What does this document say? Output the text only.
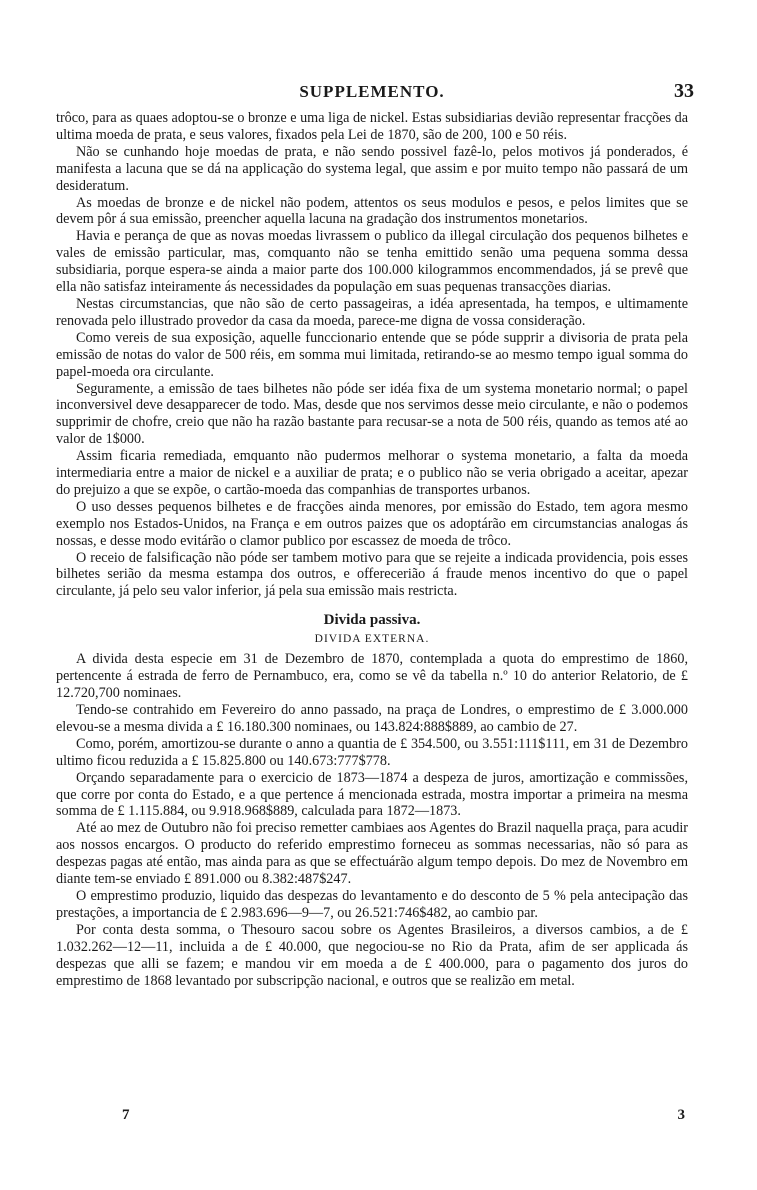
SUPPLEMENTO.	33

trôco, para as quaes adoptou-se o bronze e uma liga de nickel. Estas subsidiarias devião representar fracções da ultima moeda de prata, e seus valores, fixados pela Lei de 1870, são de 200, 100 e 50 réis.

Não se cunhando hoje moedas de prata, e não sendo possivel fazê-lo, pelos motivos já ponderados, é manifesta a lacuna que se dá na applicação do systema legal, que assim e por muito tempo não passará de um desideratum.

As moedas de bronze e de nickel não podem, attentos os seus modulos e pesos, e pelos limites que se devem pôr á sua emissão, preencher aquella lacuna na gradação dos instrumentos monetarios.

Havia e perança de que as novas moedas livrassem o publico da illegal circulação dos pequenos bilhetes e vales de emissão particular, mas, comquanto não se tenha emittido senão uma pequena somma dessa subsidiaria, porque espera-se ainda a maior parte dos 100.000 kilogrammos encommendados, já se prevê que ella não satisfaz inteiramente ás necessidades da população em suas pequenas transacções diarias.

Nestas circumstancias, que não são de certo passageiras, a idéa apresentada, ha tempos, e ultimamente renovada pelo illustrado provedor da casa da moeda, parece-me digna de vossa consideração.

Como vereis de sua exposição, aquelle funccionario entende que se póde supprir a divisoria de prata pela emissão de notas do valor de 500 réis, em somma mui limitada, retirando-se ao mesmo tempo igual somma do papel-moeda ora circulante.

Seguramente, a emissão de taes bilhetes não póde ser idéa fixa de um systema monetario normal; o papel inconversivel deve desapparecer de todo. Mas, desde que nos servimos desse meio circulante, e não o podemos supprimir de chofre, creio que não ha razão bastante para recusar-se a nota de 500 réis, quando as temos até ao valor de 1$000.

Assim ficaria remediada, emquanto não pudermos melhorar o systema monetario, a falta da moeda intermediaria entre a maior de nickel e a auxiliar de prata; e o publico não se veria obrigado a aceitar, apezar do prejuizo a que se expõe, o cartão-moeda das companhias de transportes urbanos.

O uso desses pequenos bilhetes e de fracções ainda menores, por emissão do Estado, tem agora mesmo exemplo nos Estados-Unidos, na França e em outros paizes que os adoptárão em circumstancias analogas ás nossas, e desse modo evitárão o clamor publico por escassez de moeda de trôco.

O receio de falsificação não póde ser tambem motivo para que se rejeite a indicada providencia, pois esses bilhetes serião da mesma estampa dos outros, e offerecerião á fraude menos incentivo do que o papel circulante, já pelo seu valor inferior, já pela sua emissão mais restricta.

Divida passiva.
DIVIDA EXTERNA.

A divida desta especie em 31 de Dezembro de 1870, contemplada a quota do emprestimo de 1860, pertencente á estrada de ferro de Pernambuco, era, como se vê da tabella n.º 10 do anterior Relatorio, de £ 12.720,700 nominaes.

Tendo-se contrahido em Fevereiro do anno passado, na praça de Londres, o emprestimo de £ 3.000.000 elevou-se a mesma divida a £ 16.180.300 nominaes, ou 143.824:888$889, ao cambio de 27.

Como, porém, amortizou-se durante o anno a quantia de £ 354.500, ou 3.551:111$111, em 31 de Dezembro ultimo ficou reduzida a £ 15.825.800 ou 140.673:777$778.

Orçando separadamente para o exercicio de 1873—1874 a despeza de juros, amortização e commissões, que corre por conta do Estado, e a que pertence á mencionada estrada, mostra importar a primeira na mesma somma de £ 1.115.884, ou 9.918.968$889, calculada para 1872—1873.

Até ao mez de Outubro não foi preciso remetter cambiaes aos Agentes do Brazil naquella praça, para acudir aos nossos encargos. O producto do referido emprestimo forneceu as sommas necessarias, não só para as despezas pagas até então, mas ainda para as que se effectuárão algum tempo depois. Do mez de Novembro em diante tem-se enviado £ 891.000 ou 8.382:487$247.

O emprestimo produzio, liquido das despezas do levantamento e do desconto de 5 % pela antecipação das prestações, a importancia de £ 2.983.696—9—7, ou 26.521:746$482, ao cambio par.

Por conta desta somma, o Thesouro sacou sobre os Agentes Brasileiros, a diversos cambios, a de £ 1.032.262—12—11, incluida a de £ 40.000, que negociou-se no Rio da Prata, afim de ser applicada ás despezas que alli se fazem; e mandou vir em moeda a de £ 400.000, para o pagamento dos juros do emprestimo de 1868 levantado por subscripção nacional, e outros que se realizão em metal.

7	3
